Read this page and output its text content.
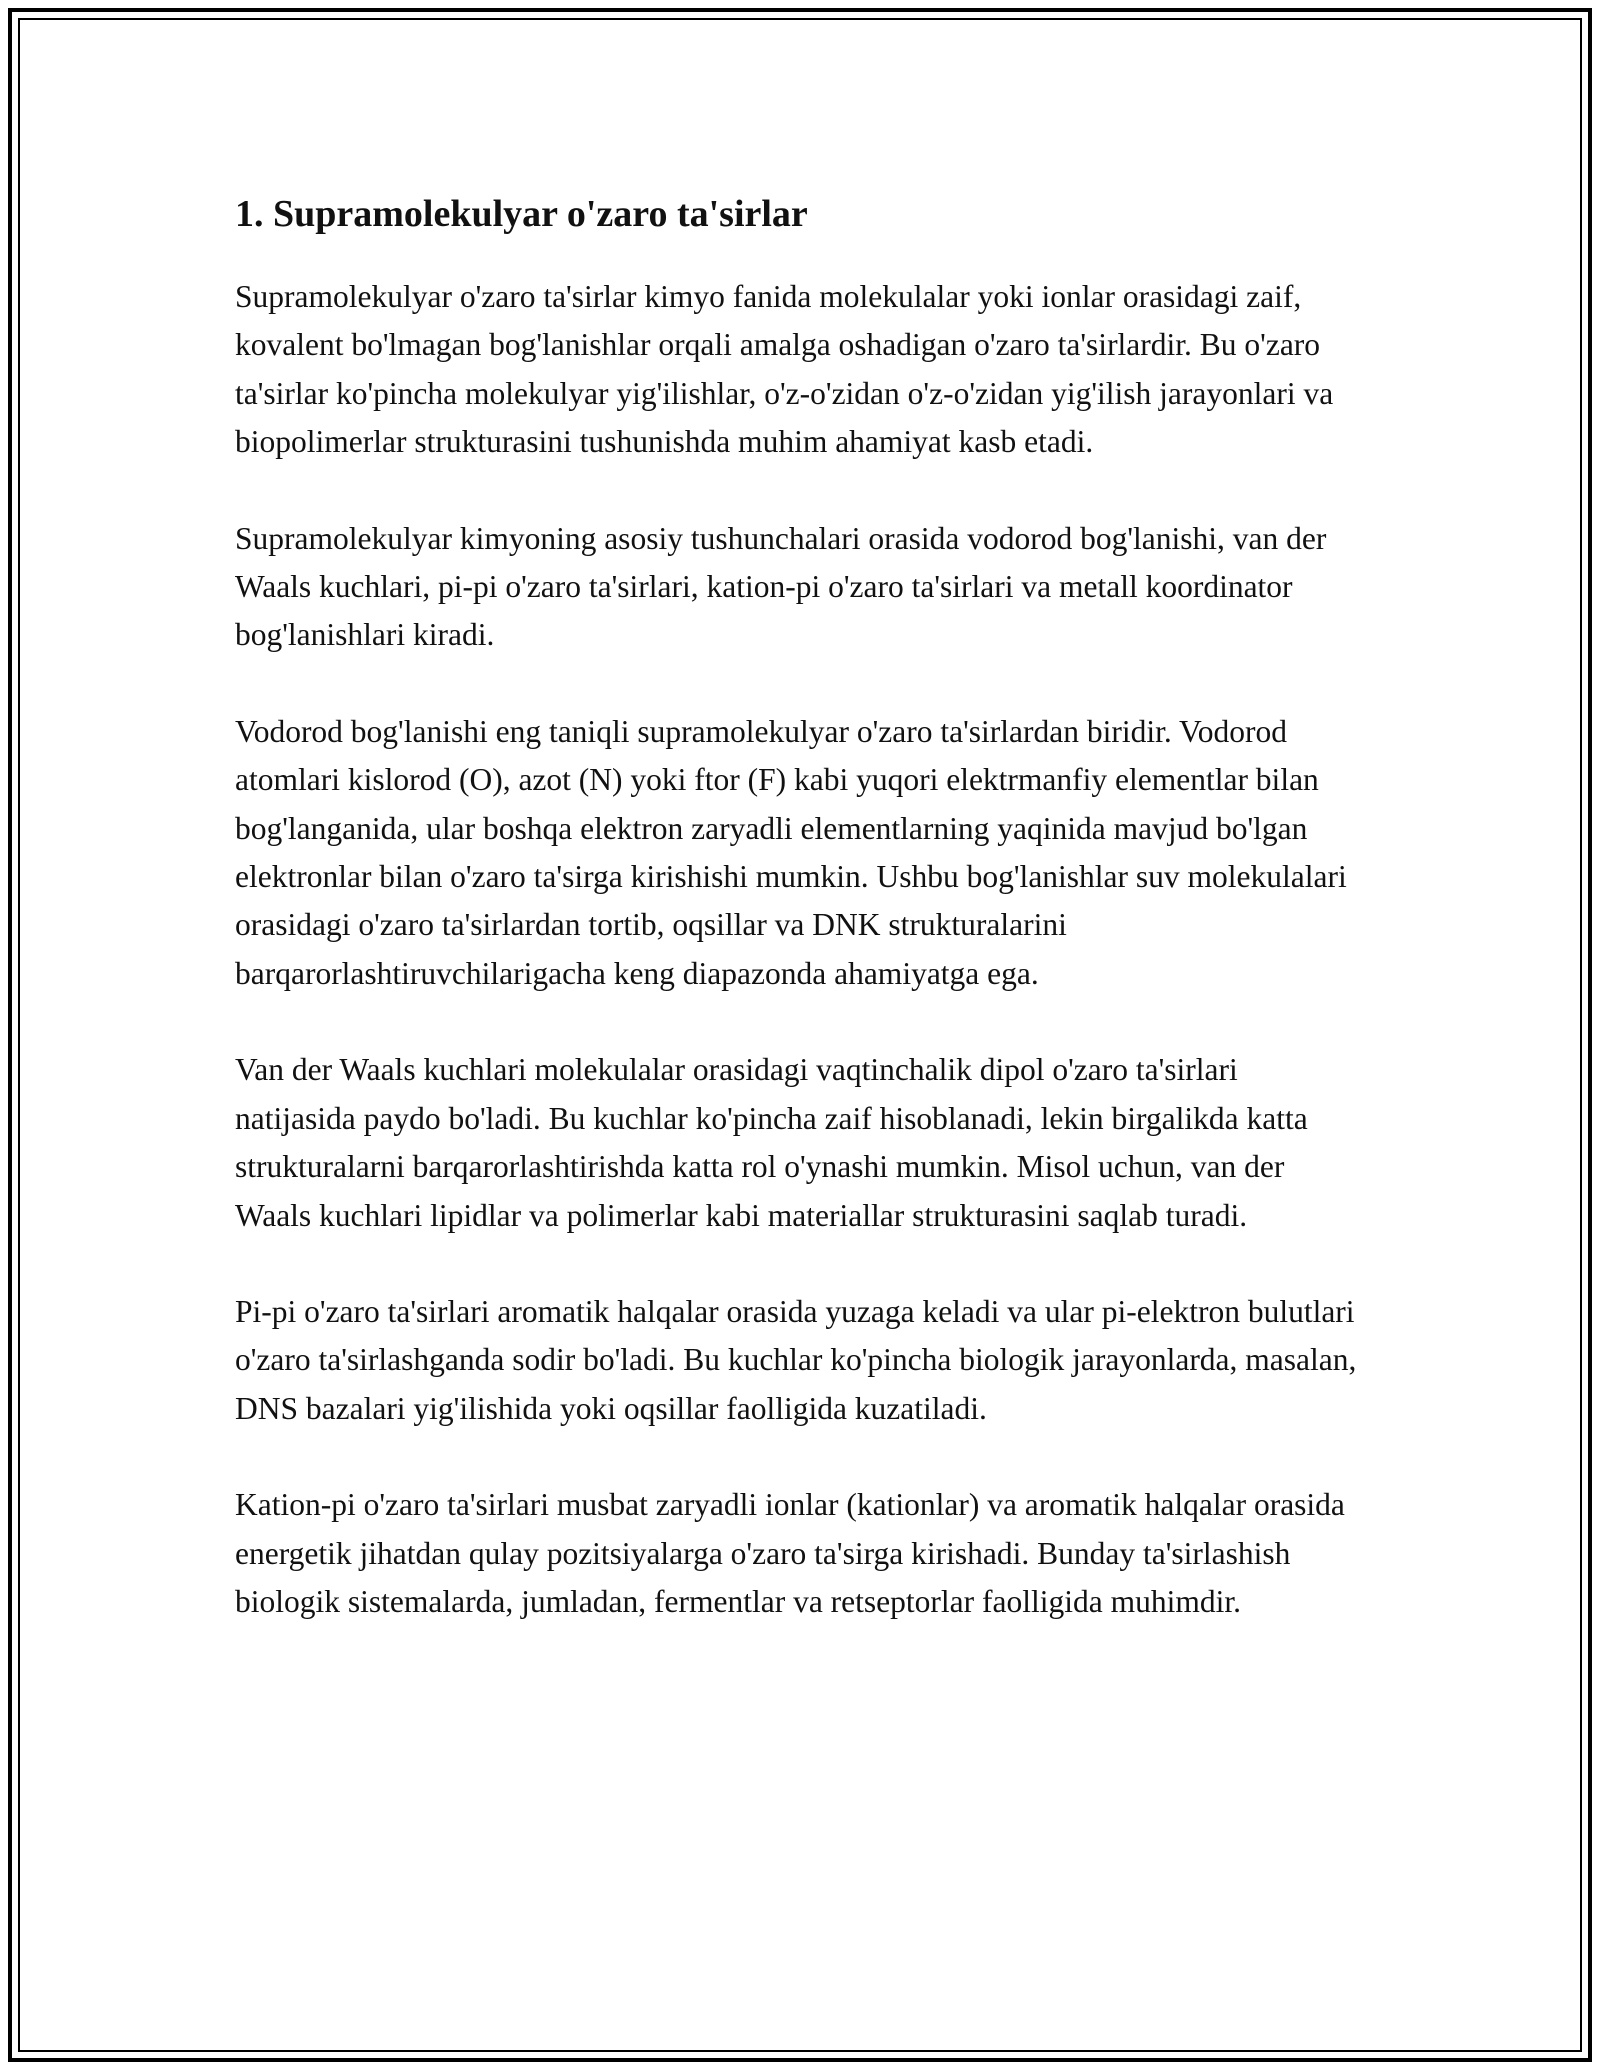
1. Supramolekulyar o'zaro ta'sirlar

Supramolekulyar o'zaro ta'sirlar kimyo fanida molekulalar yoki ionlar orasidagi zaif, kovalent bo'lmagan bog'lanishlar orqali amalga oshadigan o'zaro ta'sirlardir. Bu o'zaro ta'sirlar ko'pincha molekulyar yig'ilishlar, o'z-o'zidan o'z-o'zidan yig'ilish jarayonlari va biopolimerlar strukturasini tushunishda muhim ahamiyat kasb etadi.

Supramolekulyar kimyoning asosiy tushunchalari orasida vodorod bog'lanishi, van der Waals kuchlari, pi-pi o'zaro ta'sirlari, kation-pi o'zaro ta'sirlari va metall koordinator bog'lanishlari kiradi.

Vodorod bog'lanishi eng taniqli supramolekulyar o'zaro ta'sirlardan biridir. Vodorod atomlari kislorod (O), azot (N) yoki ftor (F) kabi yuqori elektrmanfiy elementlar bilan bog'langanida, ular boshqa elektron zaryadli elementlarning yaqinida mavjud bo'lgan elektronlar bilan o'zaro ta'sirga kirishishi mumkin. Ushbu bog'lanishlar suv molekulalari orasidagi o'zaro ta'sirlardan tortib, oqsillar va DNK strukturalarini barqarorlashtiruvchilarigacha keng diapazonda ahamiyatga ega.

Van der Waals kuchlari molekulalar orasidagi vaqtinchalik dipol o'zaro ta'sirlari natijasida paydo bo'ladi. Bu kuchlar ko'pincha zaif hisoblanadi, lekin birgalikda katta strukturalarni barqarorlashtirishda katta rol o'ynashi mumkin. Misol uchun, van der Waals kuchlari lipidlar va polimerlar kabi materiallar strukturasini saqlab turadi.

Pi-pi o'zaro ta'sirlari aromatik halqalar orasida yuzaga keladi va ular pi-elektron bulutlari o'zaro ta'sirlashganda sodir bo'ladi. Bu kuchlar ko'pincha biologik jarayonlarda, masalan, DNS bazalari yig'ilishida yoki oqsillar faolligida kuzatiladi.

Kation-pi o'zaro ta'sirlari musbat zaryadli ionlar (kationlar) va aromatik halqalar orasida energetik jihatdan qulay pozitsiyalarga o'zaro ta'sirga kirishadi. Bunday ta'sirlashish biologik sistemalarda, jumladan, fermentlar va retseptorlar faolligida muhimdir.
